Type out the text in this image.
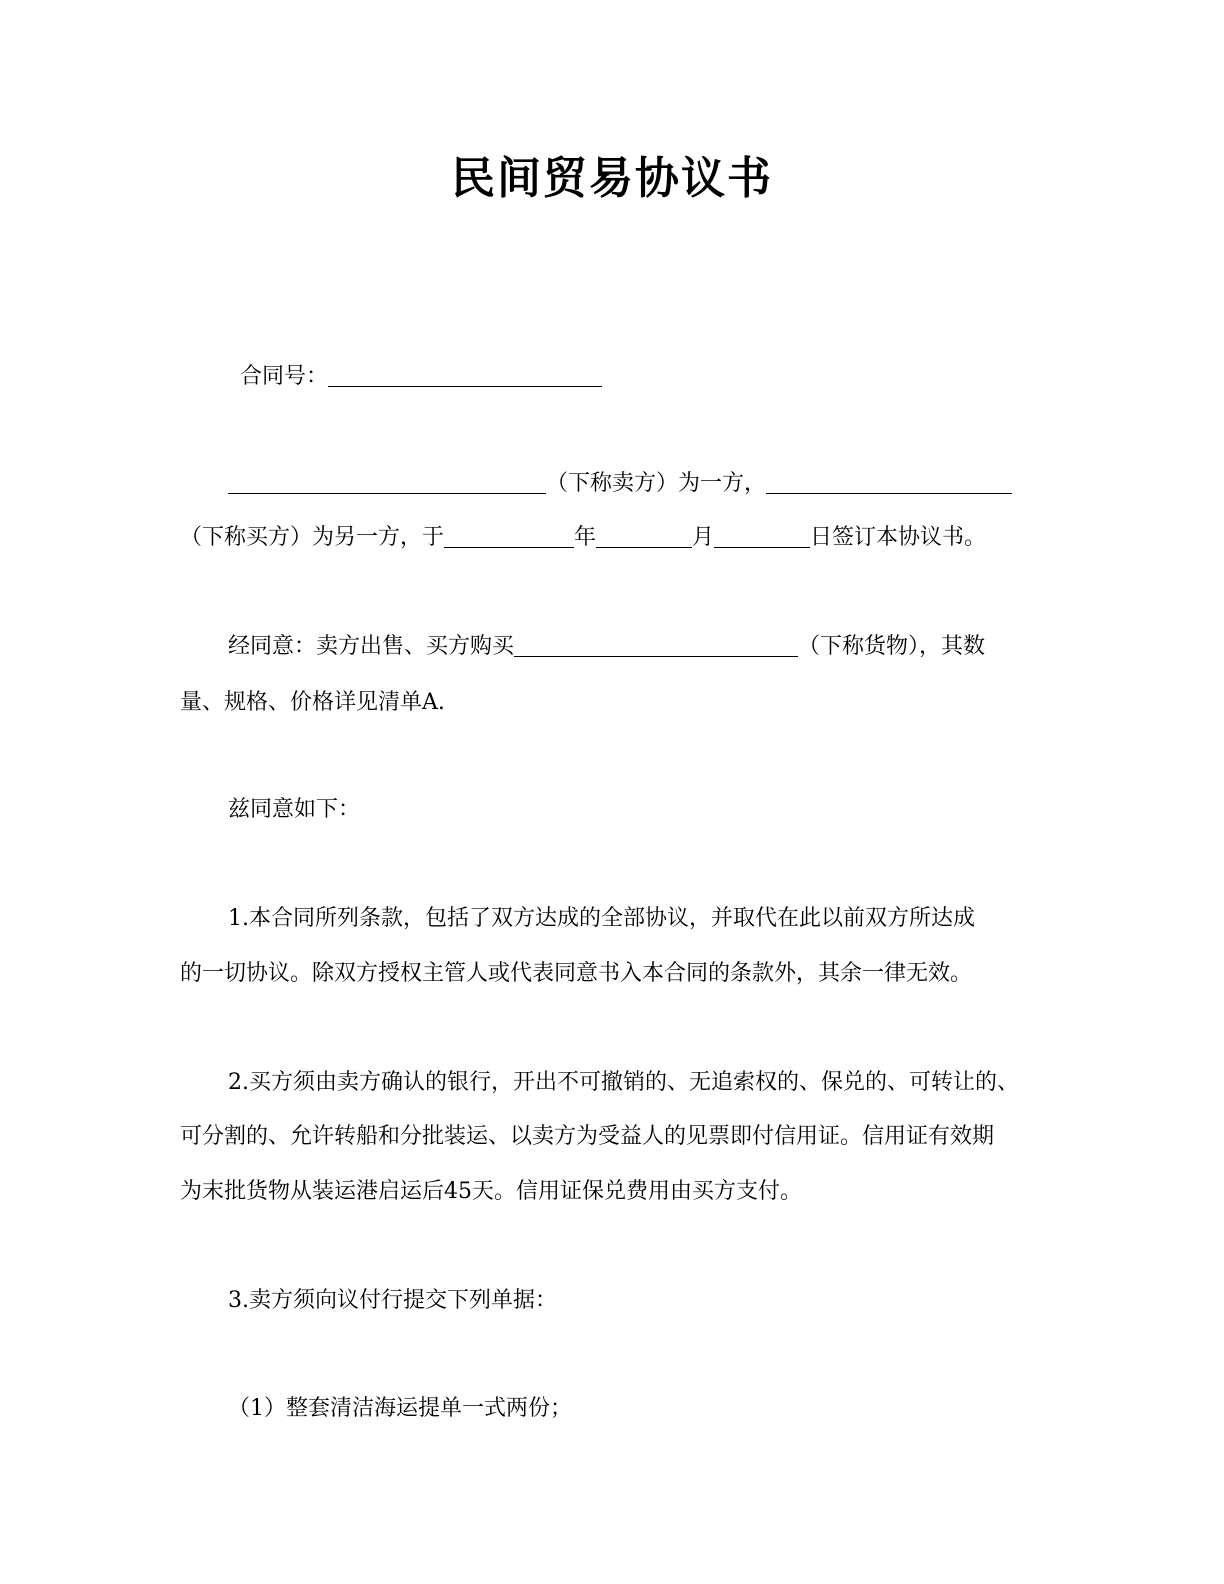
民间贸易协议书
合同号：
（下称卖方）为一方，
（下称买方）为另一方，于	年	月	日签订本协议书。
经同意：卖方出售、买方购买	（下称货物），其数
量、规格、价格详见清单A.
兹同意如下：
1.本合同所列条款，包括了双方达成的全部协议，并取代在此以前双方所达成
的一切协议。除双方授权主管人或代表同意书入本合同的条款外，其余一律无效。
2.买方须由卖方确认的银行，开出不可撤销的、无追索权的、保兑的、可转让的、
可分割的、允许转船和分批装运、以卖方为受益人的见票即付信用证。信用证有效期
为末批货物从装运港启运后45天。信用证保兑费用由买方支付。
3.卖方须向议付行提交下列单据：
（1）整套清洁海运提单一式两份；
